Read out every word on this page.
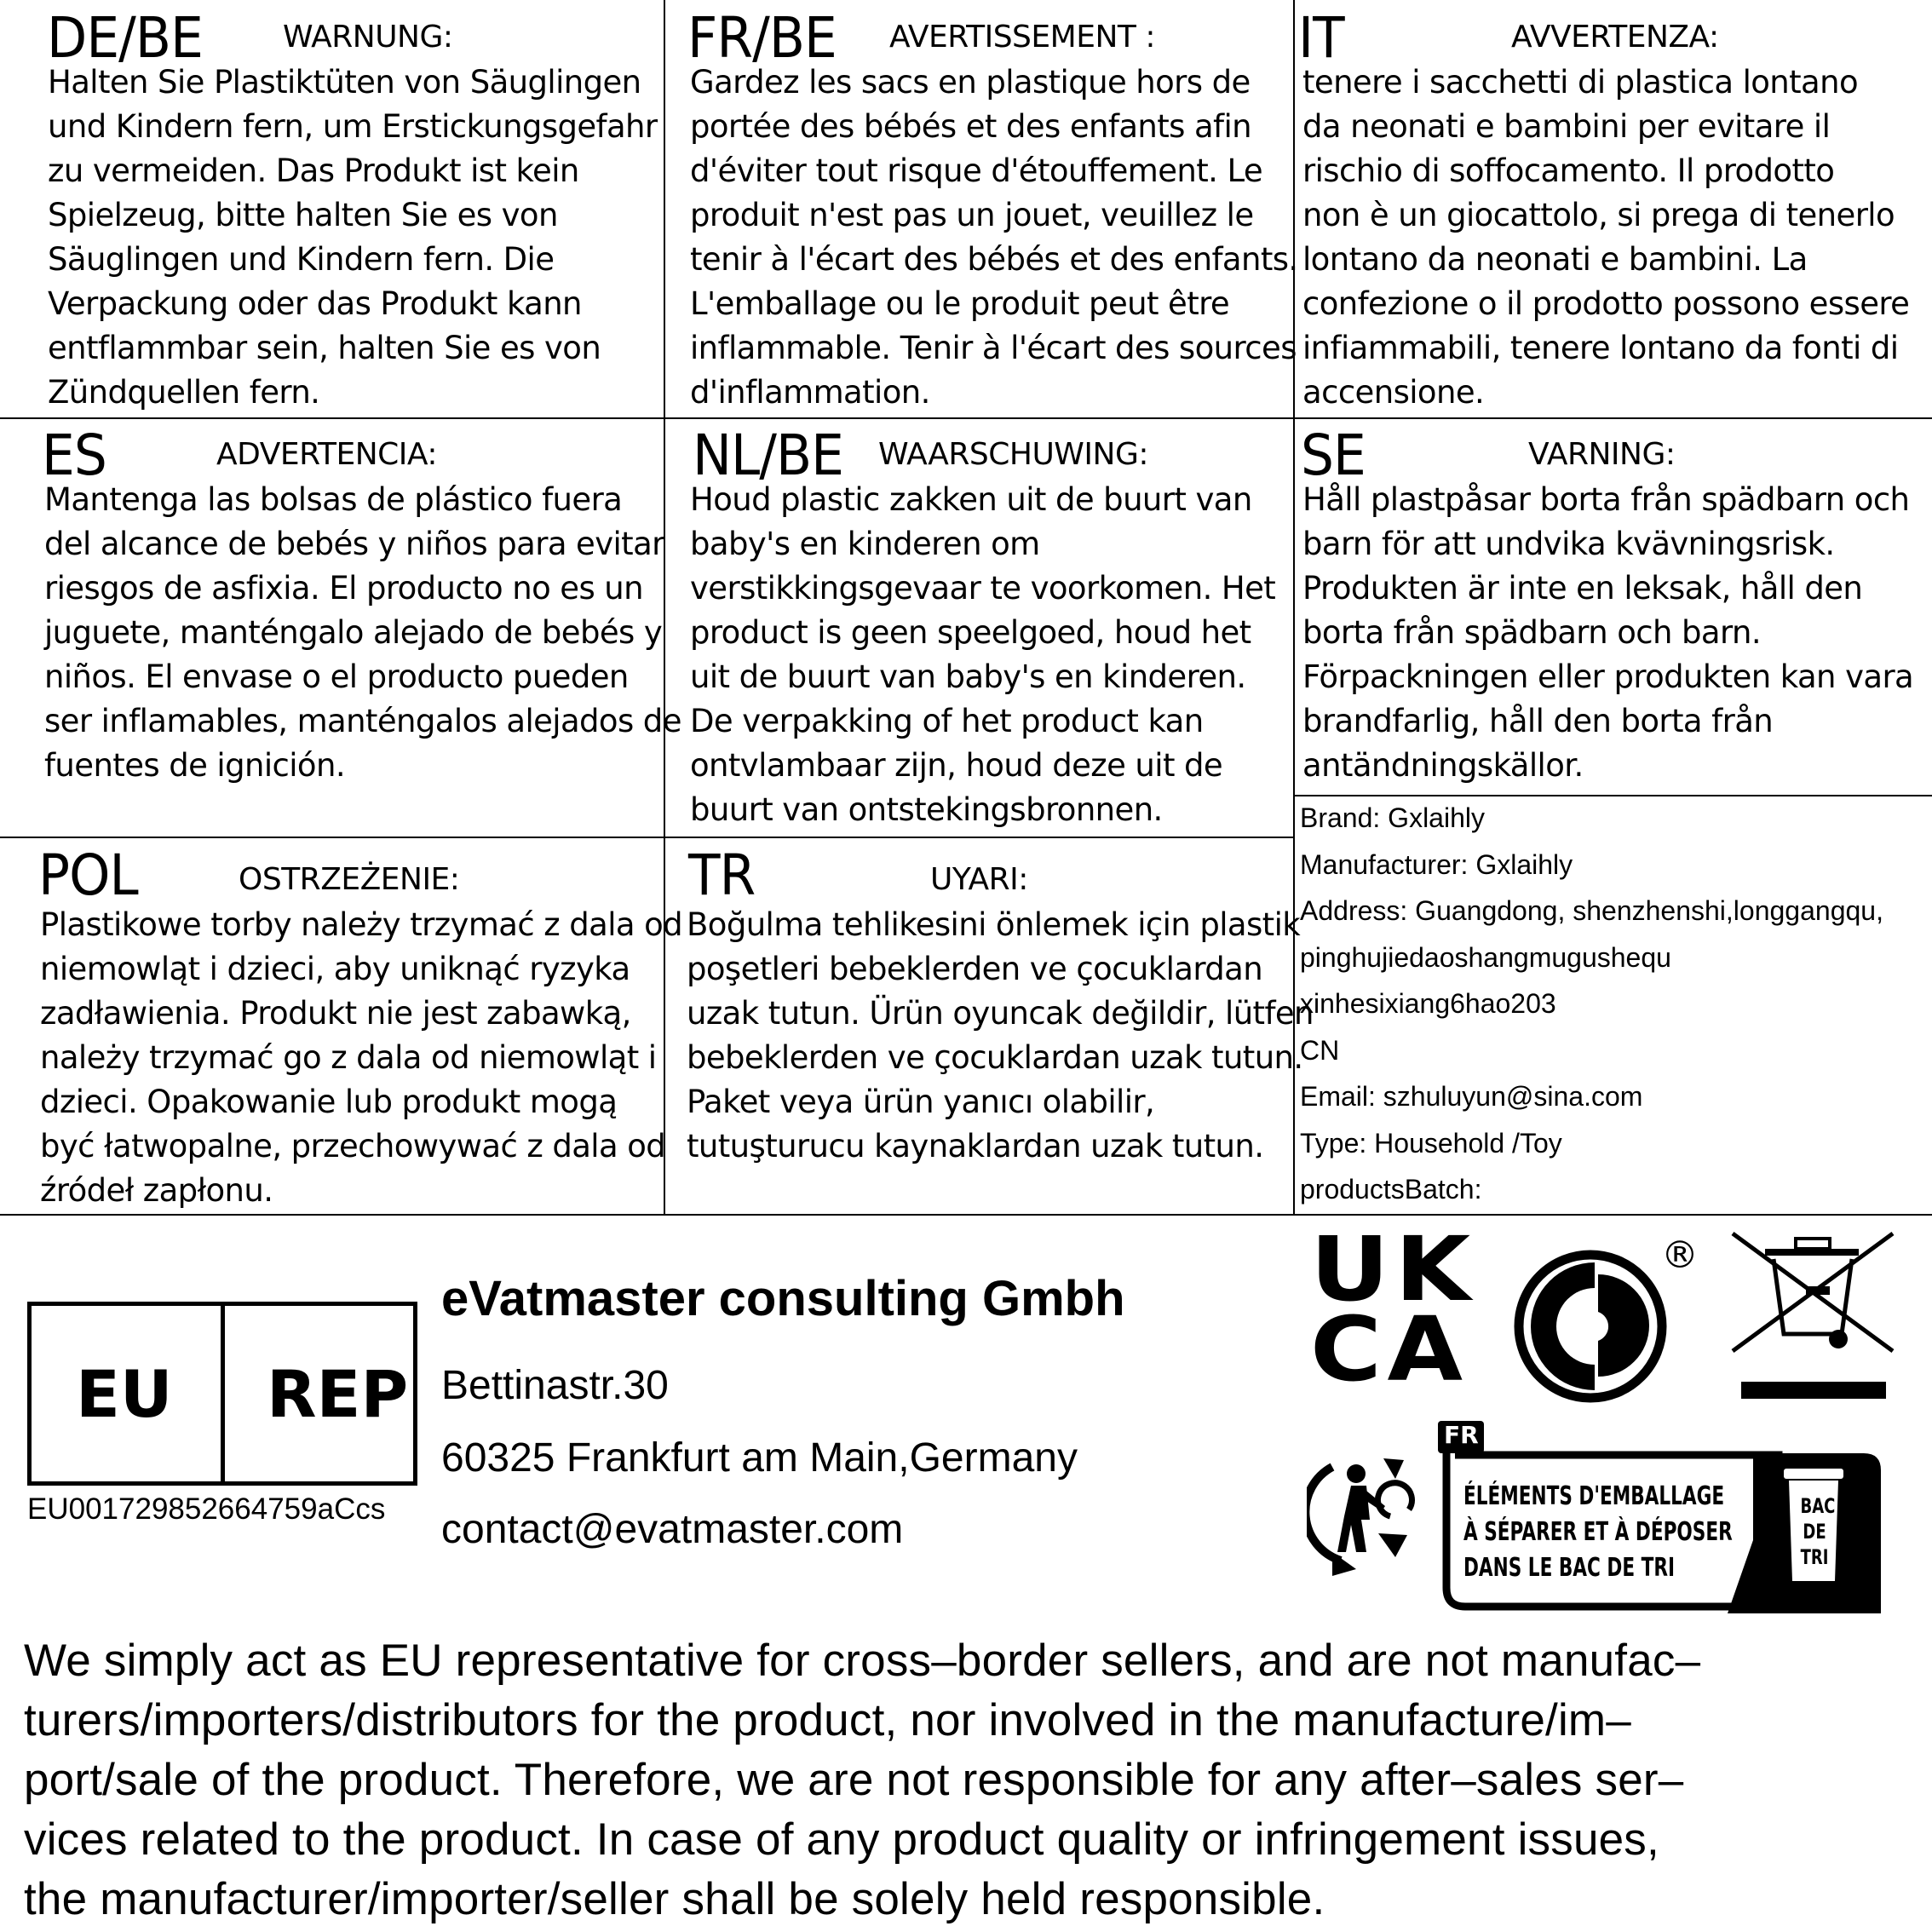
DE/BE	WARNUNG:
Halten Sie Plastiktüten von Säuglingen
und Kindern fern, um Erstickungsgefahr
zu vermeiden. Das Produkt ist kein
Spielzeug, bitte halten Sie es von
Säuglingen und Kindern fern. Die
Verpackung oder das Produkt kann
entflammbar sein, halten Sie es von
Zündquellen fern.
FR/BE AVERTISSEMENT :
Gardez les sacs en plastique hors de
portée des bébés et des enfants afin
d'éviter tout risque d'étouffement. Le
produit n'est pas un jouet, veuillez le
tenir à l'écart des bébés et des enfants.
L'emballage ou le produit peut être
inflammable. Tenir à l'écart des sources
d'inflammation.
IT	AVVERTENZA:
tenere i sacchetti di plastica lontano
da neonati e bambini per evitare il
rischio di soffocamento. Il prodotto
non è un giocattolo, si prega di tenerlo
lontano da neonati e bambini. La
confezione o il prodotto possono essere
infiammabili, tenere lontano da fonti di
accensione.
ES	ADVERTENCIA:
Mantenga las bolsas de plástico fuera
del alcance de bebés y niños para evitar
riesgos de asfixia. El producto no es un
juguete, manténgalo alejado de bebés y
niños. El envase o el producto pueden
ser inflamables, manténgalos alejados de
fuentes de ignición.
NL/BE WAARSCHUWING:
Houd plastic zakken uit de buurt van
baby's en kinderen om
verstikkingsgevaar te voorkomen. Het
product is geen speelgoed, houd het
uit de buurt van baby's en kinderen.
De verpakking of het product kan
ontvlambaar zijn, houd deze uit de
buurt van ontstekingsbronnen.
SE	VARNING:
Håll plastpåsar borta från spädbarn och
barn för att undvika kvävningsrisk.
Produkten är inte en leksak, håll den
borta från spädbarn och barn.
Förpackningen eller produkten kan vara
brandfarlig, håll den borta från
antändningskällor.
POL	OSTRZEŻENIE:
Plastikowe torby należy trzymać z dala od
niemowląt i dzieci, aby uniknąć ryzyka
zadławienia. Produkt nie jest zabawką,
należy trzymać go z dala od niemowląt i
dzieci. Opakowanie lub produkt mogą
być łatwopalne, przechowywać z dala od
źródeł zapłonu.
TR	UYARI:
Boğulma tehlikesini önlemek için plastik
poşetleri bebeklerden ve çocuklardan
uzak tutun. Ürün oyuncak değildir, lütfen
bebeklerden ve çocuklardan uzak tutun.
Paket veya ürün yanıcı olabilir,
tutuşturucu kaynaklardan uzak tutun.
Brand: Gxlaihly
Manufacturer: Gxlaihly
Address: Guangdong, shenzhenshi,longgangqu,
pinghujiedaoshangmugushequ
xinhesixiang6hao203
CN
Email: szhuluyun@sina.com
Type: Household /Toy
productsBatch:
EU REP
EU001729852664759aCcs
eVatmaster consulting Gmbh
Bettinastr.30
60325 Frankfurt am Main,Germany
contact@evatmaster.com
UK
CA
®
FR
ÉLÉMENTS D'EMBALLAGE
À SÉPARER ET À DÉPOSER
DANS LE BAC DE TRI
BAC
DE
TRI
We simply act as EU representative for cross–border sellers, and are not manufac–
turers/importers/distributors for the product, nor involved in the manufacture/im–
port/sale of the product. Therefore, we are not responsible for any after–sales ser–
vices related to the product. In case of any product quality or infringement issues,
the manufacturer/importer/seller shall be solely held responsible.
